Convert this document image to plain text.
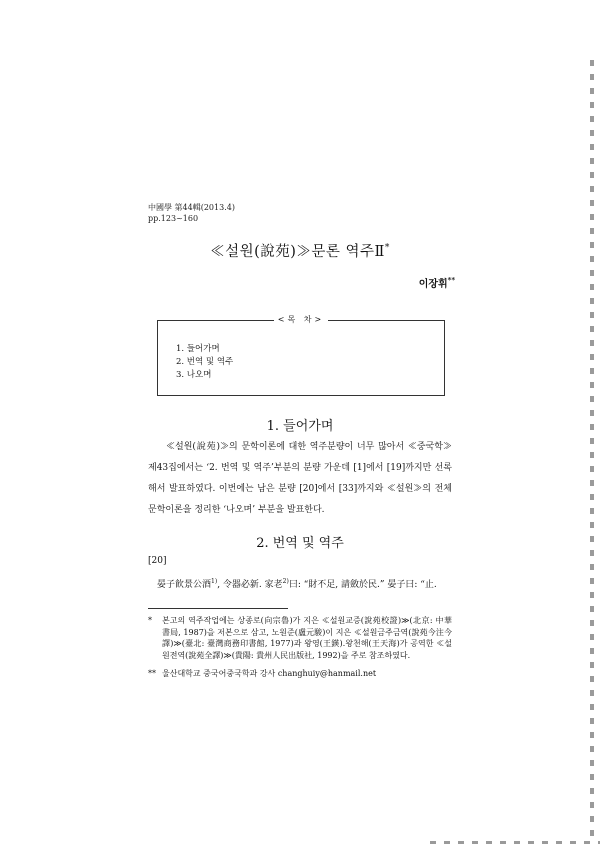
中國學 第44輯(2013.4)
pp.123~160
≪설원(說苑)≫문론 역주Ⅱ*
이장휘**
<목 차>
1. 들어가며
2. 번역 및 역주
3. 나오며
1. 들어가며

≪설원(說苑)≫의 문학이론에 대한 역주분량이 너무 많아서 ≪중국학≫ 제43집에서는 ‘2. 번역 및 역주’부분의 분량 가운데 [1]에서 [19]까지만 선록해서 발표하였다. 이번에는 남은 분량 [20]에서 [33]까지와 ≪설원≫의 전체 문학이론을 정리한 ‘나오며’ 부분을 발표한다.

2. 번역 및 역주
[20]
晏子飮景公酒$^{1)}$, 令器必新. 家老$^{2)}$曰: “財不足, 請斂於民.” 晏子曰: “止.
*	본고의 역주작업에는 상종로(向宗魯)가 지은 ≪설원교증(說苑校證)≫(北京: 中華書局, 1987)을 저본으로 삼고, 노원준(盧元駿)이 지은 ≪설원금주금역(說苑今注今譯)≫(臺北: 臺灣商務印書館, 1977)과 왕영(王鍈)․왕천해(王天海)가 공역한 ≪설원전역(說苑全譯)≫(貴陽: 貴州人民出版社, 1992)을 주로 참조하였다.
** 울산대학교 중국어중국학과 강사 changhuiy@hanmail.net
